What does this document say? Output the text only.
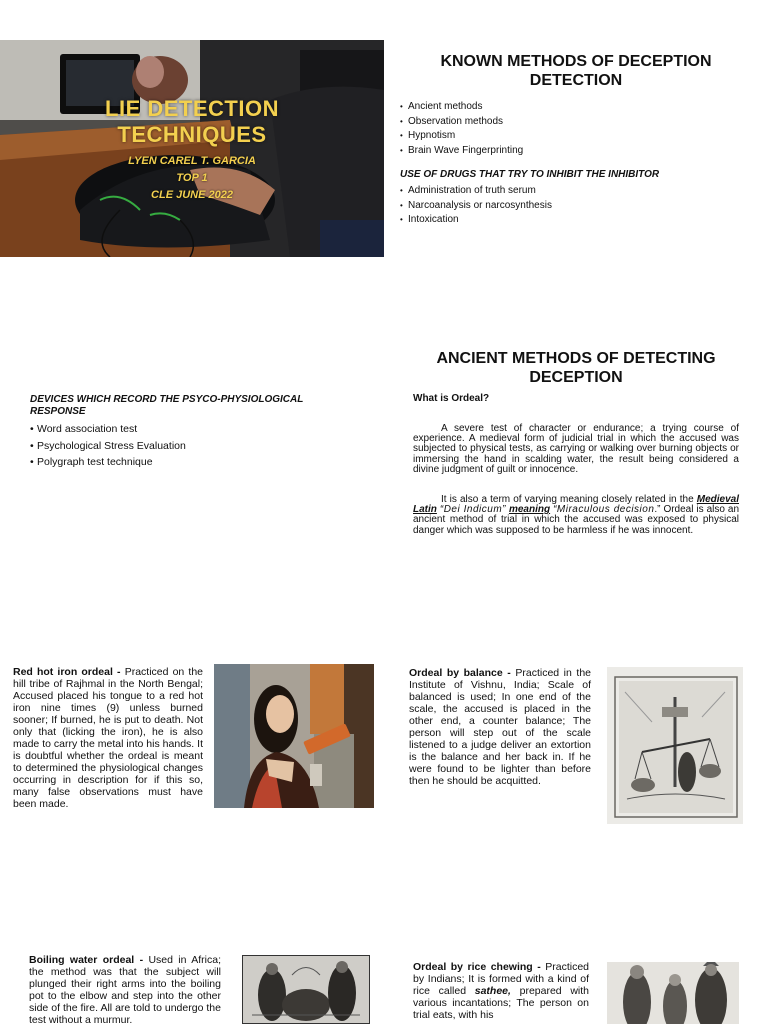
LIE DETECTION
TECHNIQUES
LYEN CAREL T. GARCIA
TOP 1
CLE JUNE 2022
KNOWN METHODS OF DECEPTION DETECTION
• Ancient methods
• Observation methods
• Hypnotism
• Brain Wave Fingerprinting
USE OF DRUGS THAT TRY TO INHIBIT THE INHIBITOR
• Administration of truth serum
• Narcoanalysis or narcosynthesis
• Intoxication
DEVICES WHICH RECORD THE PSYCO-PHYSIOLOGICAL RESPONSE
• Word association test
• Psychological Stress Evaluation
• Polygraph test technique
ANCIENT METHODS OF DETECTING DECEPTION
What is Ordeal?

A severe test of character or endurance; a trying course of experience. A medieval form of judicial trial in which the accused was subjected to physical tests, as carrying or walking over burning objects or immersing the hand in scalding water, the result being considered a divine judgment of guilt or innocence.

It is also a term of varying meaning closely related in the Medieval Latin “Dei Indicum” meaning “Miraculous decision.” Ordeal is also an ancient method of trial in which the accused was exposed to physical danger which was supposed to be harmless if he was innocent.

Red hot iron ordeal - Practiced on the hill tribe of Rajhmal in the North Bengal; Accused placed his tongue to a red hot iron nine times (9) unless burned sooner; If burned, he is put to death. Not only that (licking the iron), he is also made to carry the metal into his hands. It is doubtful whether the ordeal is meant to determined the physiological changes occurring in description for if this so, many false observations must have been made.
Ordeal by balance - Practiced in the Institute of Vishnu, India; Scale of balanced is used; In one end of the scale, the accused is placed in the other end, a counter balance; The person will step out of the scale listened to a judge deliver an extortion is the balance and her back in. If he were found to be lighter than before then he should be acquitted.
Boiling water ordeal - Used in Africa; the method was that the subject will plunged their right arms into the boiling pot to the elbow and step into the other side of the fire. All are told to undergo the test without a murmur.
Ordeal by rice chewing - Practiced by Indians; It is formed with a kind of rice called sathee, prepared with various incantations; The person on trial eats, with his
